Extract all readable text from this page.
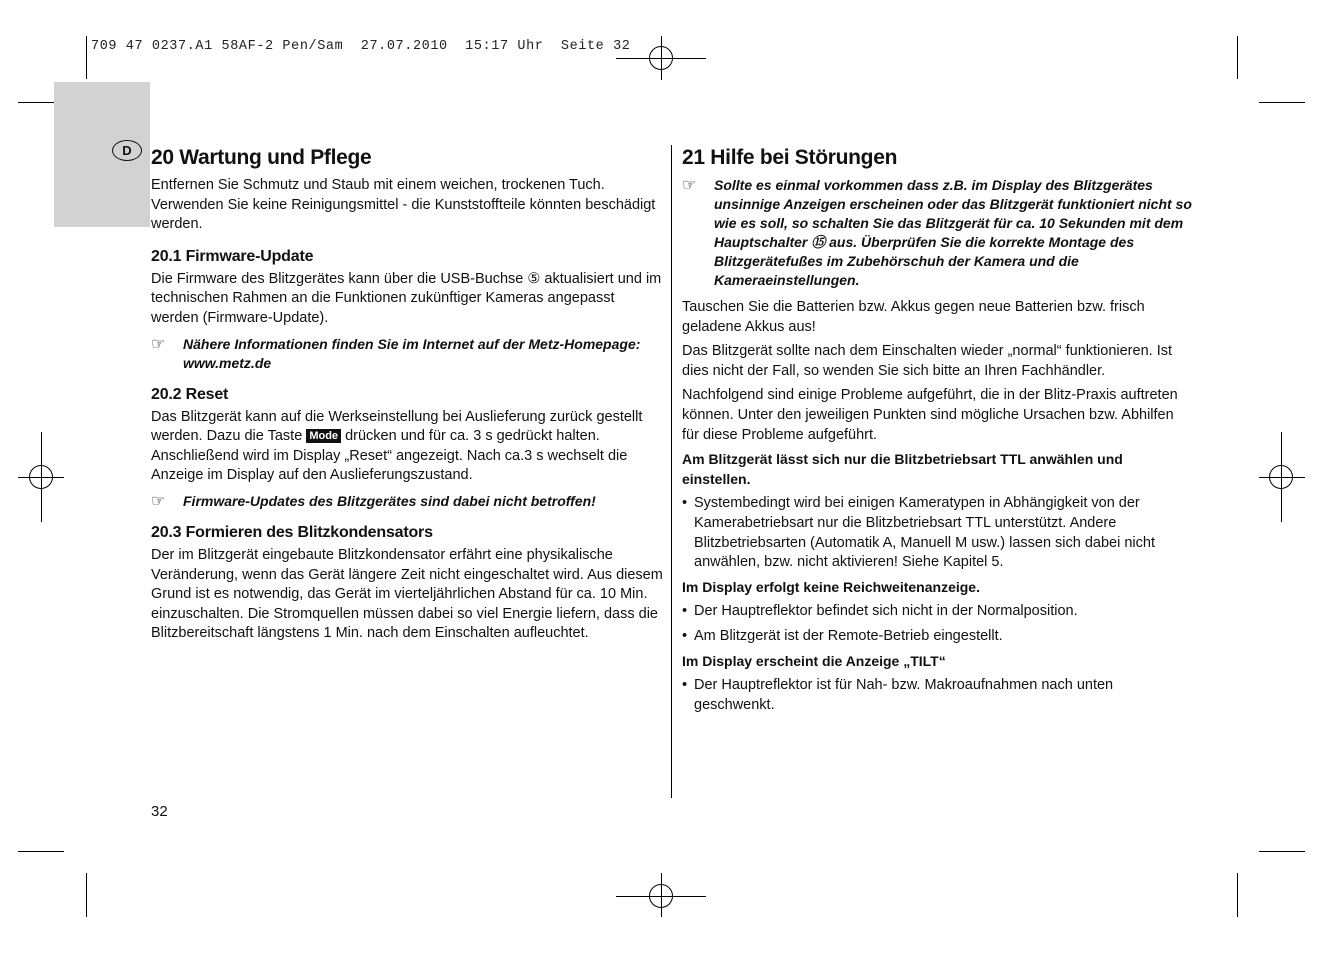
709 47 0237.A1 58AF-2 Pen/Sam  27.07.2010  15:17 Uhr  Seite 32
D 20 Wartung und Pflege

Entfernen Sie Schmutz und Staub mit einem weichen, trockenen Tuch. Verwenden Sie keine Reinigungsmittel - die Kunststoffteile könnten beschädigt werden.

20.1 Firmware-Update

Die Firmware des Blitzgerätes kann über die USB-Buchse ⑤ aktualisiert und im technischen Rahmen an die Funktionen zukünftiger Kameras angepasst werden (Firmware-Update).

☞	Nähere Informationen finden Sie im Internet auf der Metz-Homepage: www.metz.de
20.2 Reset

Das Blitzgerät kann auf die Werkseinstellung bei Auslieferung zurück gestellt werden. Dazu die Taste Mode drücken und für ca. 3 s gedrückt halten. Anschließend wird im Display „Reset“ angezeigt. Nach ca.3 s wechselt die Anzeige im Display auf den Auslieferungszustand.

☞	Firmware-Updates des Blitzgerätes sind dabei nicht betroffen!
20.3 Formieren des Blitzkondensators

Der im Blitzgerät eingebaute Blitzkondensator erfährt eine physikalische Veränderung, wenn das Gerät längere Zeit nicht eingeschaltet wird. Aus diesem Grund ist es notwendig, das Gerät im vierteljährlichen Abstand für ca. 10 Min. einzuschalten. Die Stromquellen müssen dabei so viel Energie liefern, dass die Blitzbereitschaft längstens 1 Min. nach dem Einschalten aufleuchtet.

21 Hilfe bei Störungen
☞	Sollte es einmal vorkommen dass z.B. im Display des Blitzgerätes unsinnige Anzeigen erscheinen oder das Blitzgerät funktioniert nicht so wie es soll, so schalten Sie das Blitzgerät für ca. 10 Sekunden mit dem Hauptschalter ⑮ aus. Überprüfen Sie die korrekte Montage des Blitzgerätefußes im Zubehörschuh der Kamera und die Kameraeinstellungen.

Tauschen Sie die Batterien bzw. Akkus gegen neue Batterien bzw. frisch geladene Akkus aus!

Das Blitzgerät sollte nach dem Einschalten wieder „normal“ funktionieren. Ist dies nicht der Fall, so wenden Sie sich bitte an Ihren Fachhändler.

Nachfolgend sind einige Probleme aufgeführt, die in der Blitz-Praxis auftreten können. Unter den jeweiligen Punkten sind mögliche Ursachen bzw. Abhilfen für diese Probleme aufgeführt.

Am Blitzgerät lässt sich nur die Blitzbetriebsart TTL anwählen und einstellen.
• Systembedingt wird bei einigen Kameratypen in Abhängigkeit von der Kamerabetriebsart nur die Blitzbetriebsart TTL unterstützt. Andere Blitzbetriebsarten (Automatik A, Manuell M usw.) lassen sich dabei nicht anwählen, bzw. nicht aktivieren! Siehe Kapitel 5.
Im Display erfolgt keine Reichweitenanzeige.
• Der Hauptreflektor befindet sich nicht in der Normalposition.
• Am Blitzgerät ist der Remote-Betrieb eingestellt.
Im Display erscheint die Anzeige „TILT“
• Der Hauptreflektor ist für Nah- bzw. Makroaufnahmen nach unten geschwenkt.
32
